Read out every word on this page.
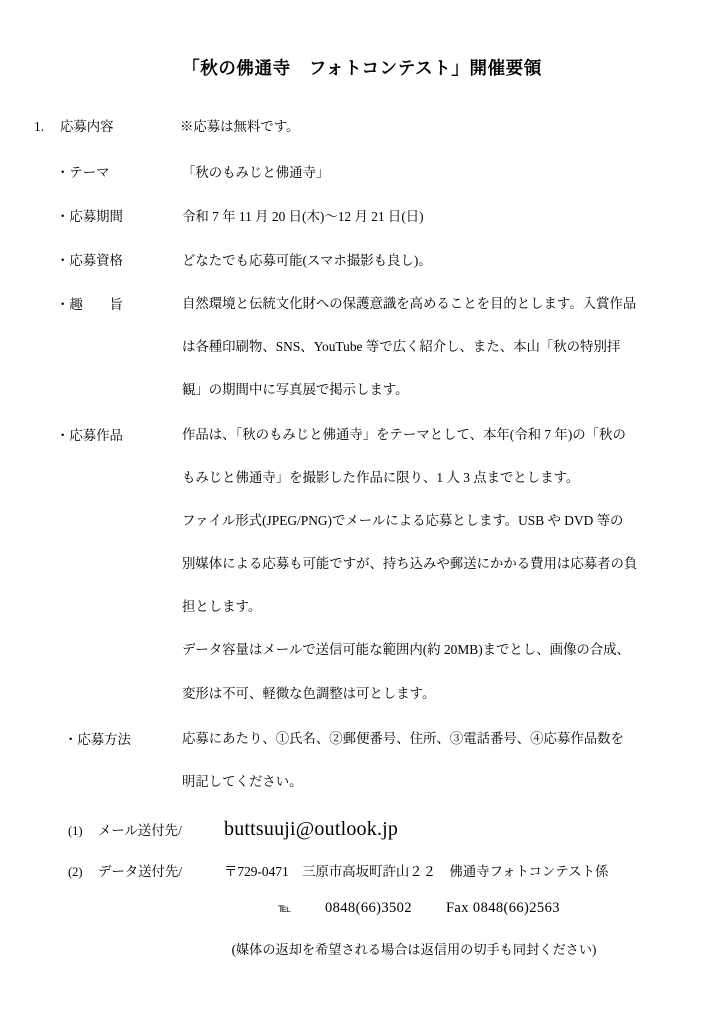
「秋の佛通寺　フォトコンテスト」開催要領
1.	応募内容	※応募は無料です。
・テーマ	「秋のもみじと佛通寺」
・応募期間	令和 7 年 11 月 20 日(木)～12 月 21 日(日)
・応募資格	どなたでも応募可能(スマホ撮影も良し)。
・趣　　旨	自然環境と伝統文化財への保護意識を高めることを目的とします。入賞作品
は各種印刷物、SNS、YouTube 等で広く紹介し、また、本山「秋の特別拝
観」の期間中に写真展で掲示します。
・応募作品	作品は、「秋のもみじと佛通寺」をテーマとして、本年(令和 7 年)の「秋の
もみじと佛通寺」を撮影した作品に限り、1 人 3 点までとします。
ファイル形式(JPEG/PNG)でメールによる応募とします。USB や DVD 等の
別媒体による応募も可能ですが、持ち込みや郵送にかかる費用は応募者の負
担とします。
データ容量はメールで送信可能な範囲内(約 20MB)までとし、画像の合成、
変形は不可、軽微な色調整は可とします。
・応募方法	応募にあたり、①氏名、②郵便番号、住所、③電話番号、④応募作品数を
明記してください。
(1)	メール送付先/	buttsuuji@outlook.jp
(2)	データ送付先/	〒729-0471　三原市高坂町許山２２　佛通寺フォトコンテスト係
℡ 0848(66)3502 Fax 0848(66)2563
(媒体の返却を希望される場合は返信用の切手も同封ください)
